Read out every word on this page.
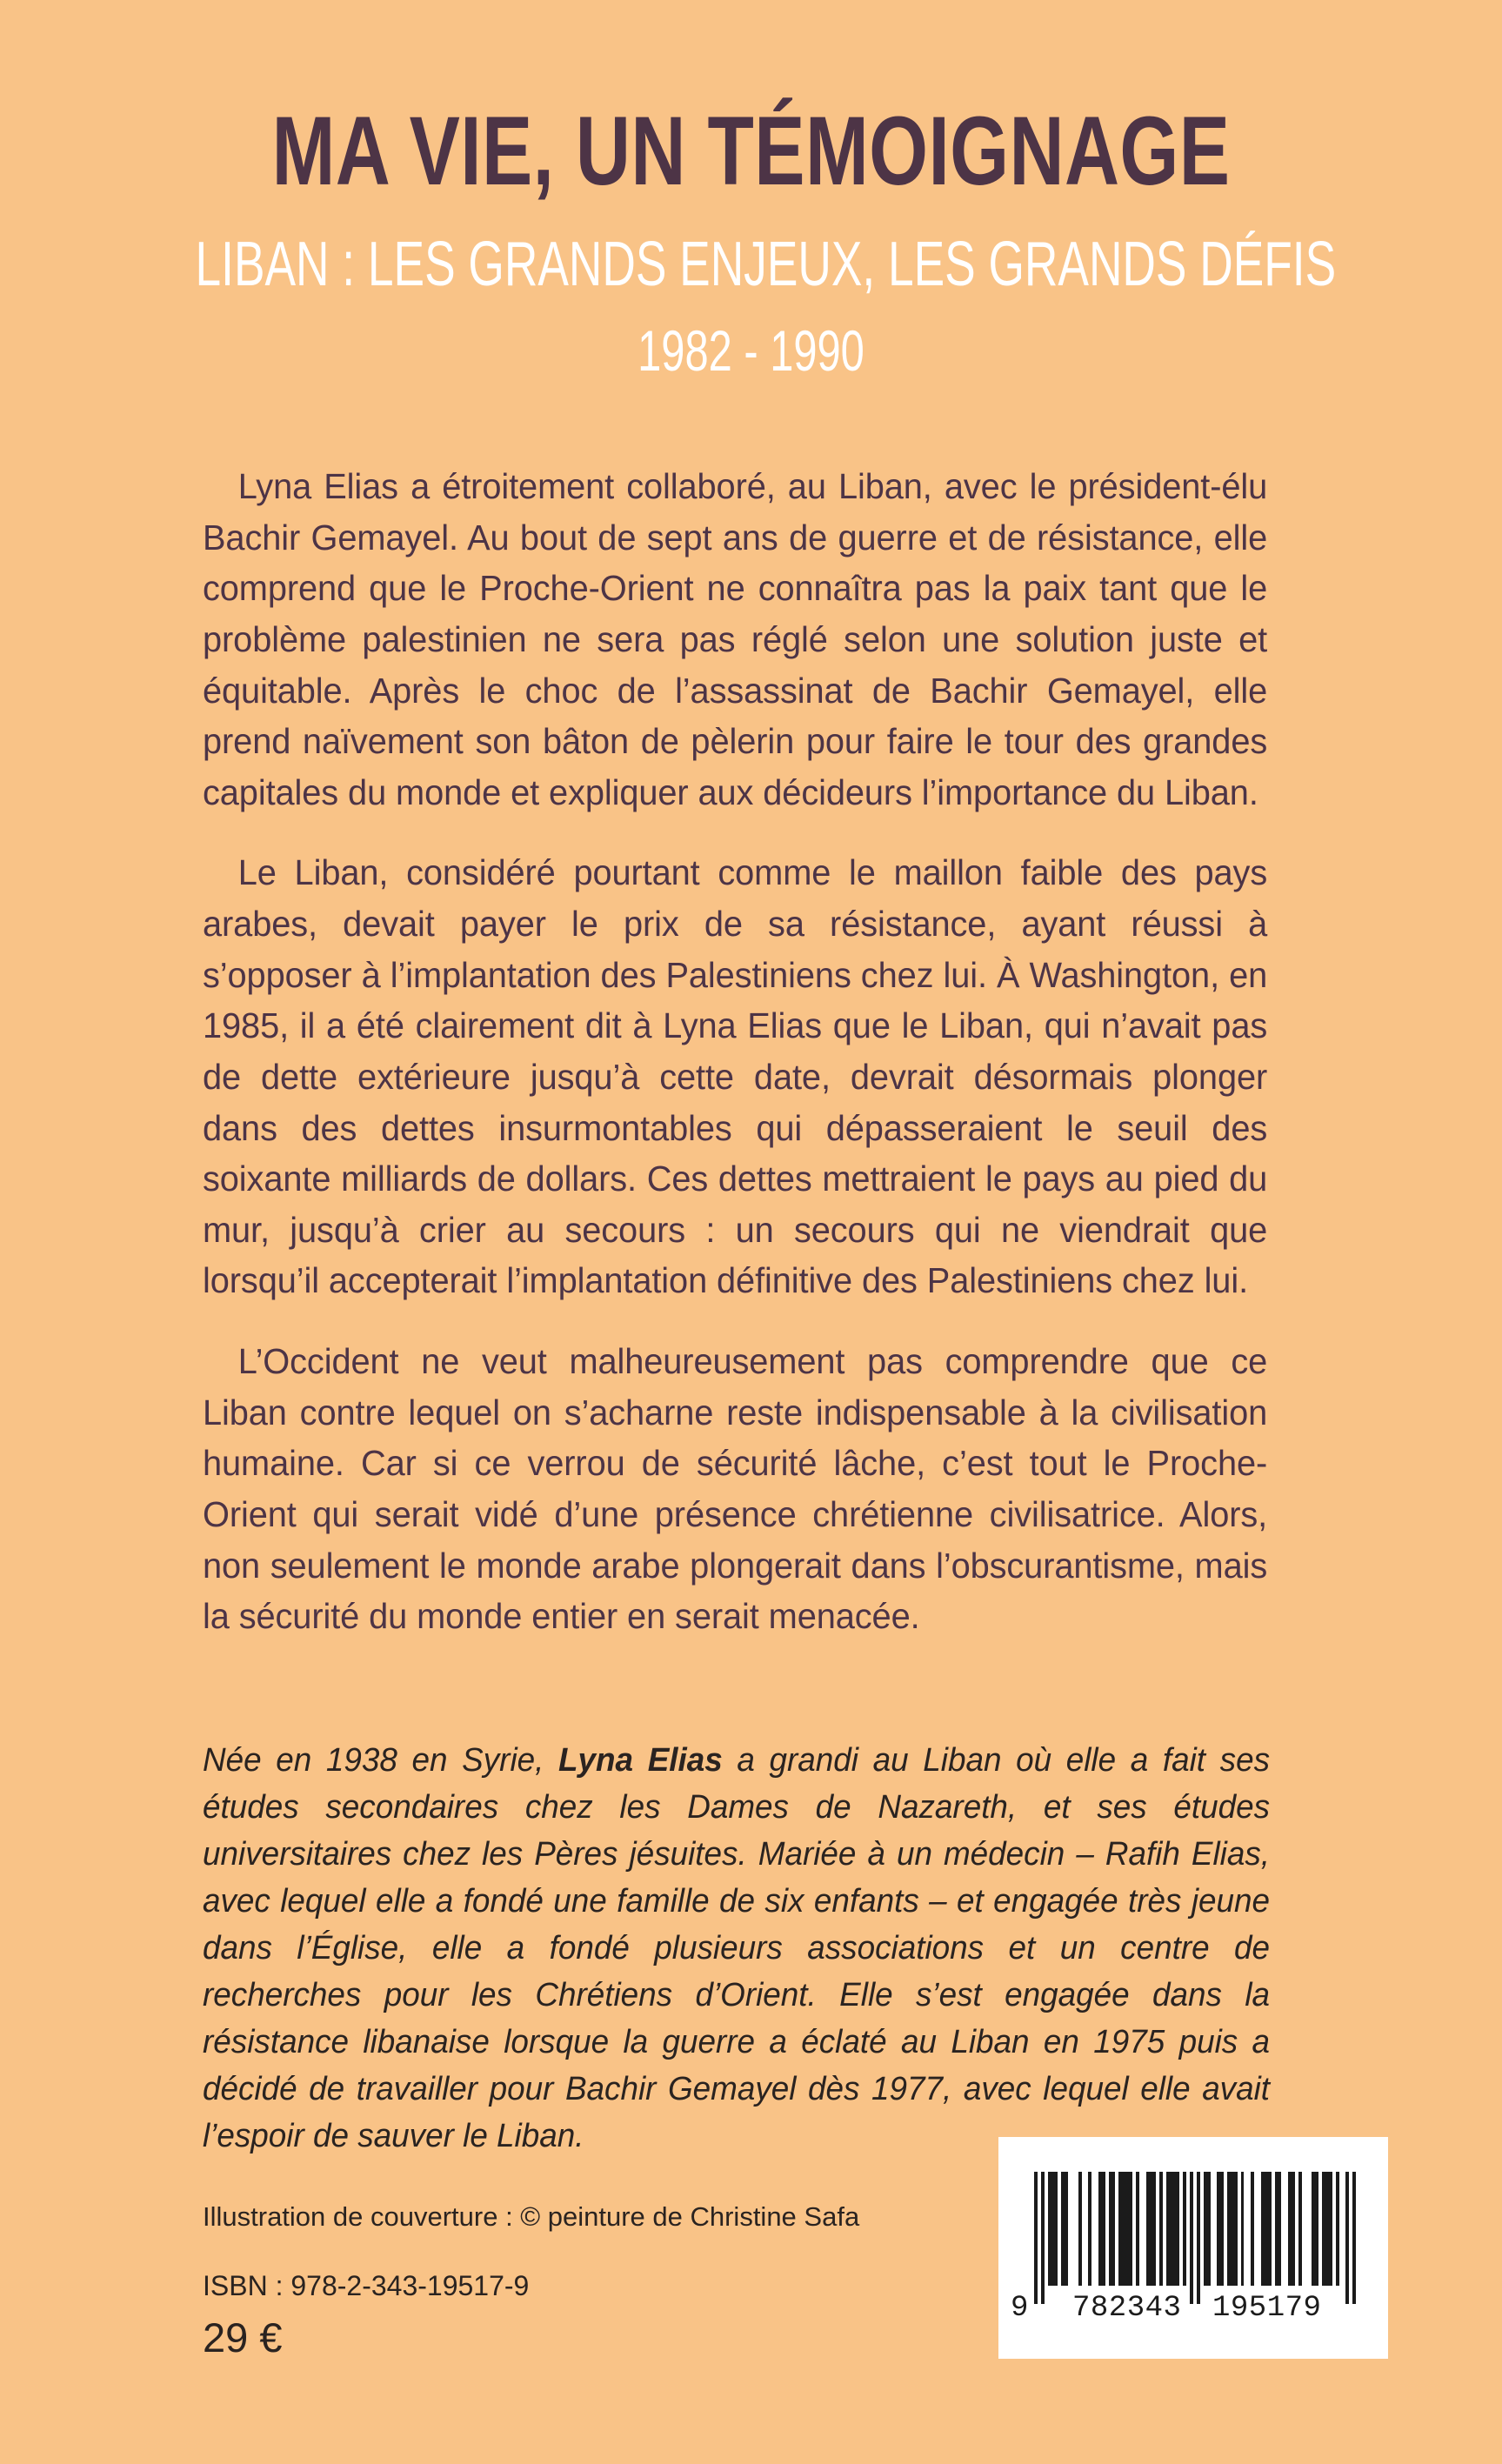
MA VIE, UN TÉMOIGNAGE
LIBAN : LES GRANDS ENJEUX, LES GRANDS DÉFIS
1982 - 1990

Lyna Elias a étroitement collaboré, au Liban, avec le président-élu Bachir Gemayel. Au bout de sept ans de guerre et de résistance, elle comprend que le Proche-Orient ne connaîtra pas la paix tant que le problème palestinien ne sera pas réglé selon une solution juste et équitable. Après le choc de l’assassinat de Bachir Gemayel, elle prend naïvement son bâton de pèlerin pour faire le tour des grandes capitales du monde et expliquer aux décideurs l’importance du Liban.

Le Liban, considéré pourtant comme le maillon faible des pays arabes, devait payer le prix de sa résistance, ayant réussi à s’opposer à l’implantation des Palestiniens chez lui. À Washington, en 1985, il a été clairement dit à Lyna Elias que le Liban, qui n’avait pas de dette extérieure jusqu’à cette date, devrait désormais plonger dans des dettes insurmontables qui dépasseraient le seuil des soixante milliards de dollars. Ces dettes mettraient le pays au pied du mur, jusqu’à crier au secours : un secours qui ne viendrait que lorsqu’il accepterait l’implantation définitive des Palestiniens chez lui.

L’Occident ne veut malheureusement pas comprendre que ce Liban contre lequel on s’acharne reste indispensable à la civilisation humaine. Car si ce verrou de sécurité lâche, c’est tout le Proche-Orient qui serait vidé d’une présence chrétienne civilisatrice. Alors, non seulement le monde arabe plongerait dans l’obscurantisme, mais la sécurité du monde entier en serait menacée.

Née en 1938 en Syrie, Lyna Elias a grandi au Liban où elle a fait ses études secondaires chez les Dames de Nazareth, et ses études universitaires chez les Pères jésuites. Mariée à un médecin – Rafih Elias, avec lequel elle a fondé une famille de six enfants – et engagée très jeune dans l’Église, elle a fondé plusieurs associations et un centre de recherches pour les Chrétiens d’Orient. Elle s’est engagée dans la résistance libanaise lorsque la guerre a éclaté au Liban en 1975 puis a décidé de travailler pour Bachir Gemayel dès 1977, avec lequel elle avait l’espoir de sauver le Liban.

Illustration de couverture : © peinture de Christine Safa

ISBN : 978-2-343-19517-9

29 €

9 782343 195179
